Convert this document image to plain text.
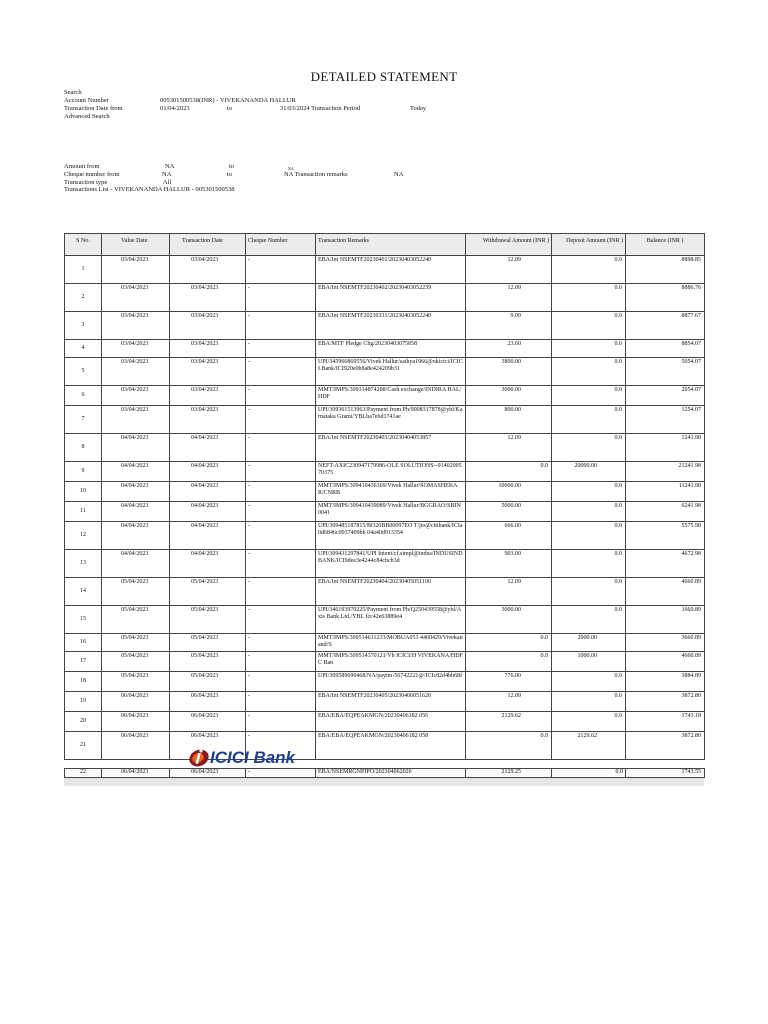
DETAILED STATEMENT
Search
Account Number	005301500538(INR) - VIVEKANANDA HALLUR
Transaction Date from	01/04/2023	to	31/03/2024 Transaction Period	Today
Advanced Search
Amount from	NA	to	NA
Cheque number from	NA	to	NA Transaction remarks	NA
Transaction type	All
Transactions List - VIVEKANANDA HALLUR - 005301500538
S No.	Value Date	Transaction Date	Cheque Number	Transaction Remarks	Withdrawal Amount (INR )	Deposit Amount (INR )	Balance (INR )
1	03/04/2023	03/04/2023	-	EBA/Int NSEMTF20230401/20230403052240	12.09	0.0	8898.85
2	03/04/2023	03/04/2023	-	EBA/Int NSEMTF20230402/20230403052239	12.09	0.0	8886.76
3	03/04/2023	03/04/2023	-	EBA/Int NSEMTF20230331/20230403052240	9.09	0.0	8877.67
4	03/04/2023	03/04/2023	-	EBA/MTF Pledge Chg/20230403075858	23.60	0.0	8854.07
5	03/04/2023	03/04/2023	-	UPI/345966869556/Vivek Hallur/sathya1966@okicici/ICICI Bank/ICI920e0b8a8e424209b31	3800.00	0.0	5054.07
6	03/04/2023	03/04/2023	-	MMT/IMPS/309314874288/Cash exchange/INDIRA HAL/HDF	3000.00	0.0	2054.07
7	03/04/2023	03/04/2023	-	UPI/309361513963/Payment from Ph/9008317878@ybl/Karnataka Grami/YBLba7e6d1741ae	800.00	0.0	1254.07
8	04/04/2023	04/04/2023	-	EBA/Int NSEMTF20230403/20230404053857	12.09	0.0	1241.98
9	04/04/2023	04/04/2023	-	NEFT-AXIC230947179986-OLE SOLUTIONS--9140200570375	0.0	20000.00	21241.98
10	04/04/2023	04/04/2023	-	MMT/IMPS/309410436369/Vivek Hallur/SOMASHEKAR/CNRB	10000.00	0.0	11241.98
11	04/04/2023	04/04/2023	-	MMT/IMPS/309410439089/Vivek Hallur/BGGRAO/SBIN0041	5000.00	0.0	6241.98
12	04/04/2023	04/04/2023	-	UPI/309485187815/BO20BB00097EO T/jio@citibank/ICIa0d6846c0937409bb 04a40d913354	666.00	0.0	5575.98
13	04/04/2023	04/04/2023	-	UPI/309431297841/UPI Intent/cf.simpl@indus/INDUSIND BANK/ICI9dee3e4244c84cbcb3d	903.00	0.0	4672.98
14	05/04/2023	05/04/2023	-	EBA/Int NSEMTF20230404/20230405051100	12.09	0.0	4660.89
15	05/04/2023	05/04/2023	-	UPI/346193970225/Payment from Ph/Q250439558@ybl/Axis Bank Ltd./YBL fcc42e63889e4	3000.00	0.0	1660.89
16	05/04/2023	05/04/2023	-	MMT/IMPS/309514611233/MOBUA053 4460429/Vivekanand/S	0.0	2000.00	3660.89
17	05/04/2023	05/04/2023	-	MMT/IMPS/309514370121/Vb ICICI/H VIVEKANA/HDFC Ban	0.0	1000.00	4660.89
18	05/04/2023	05/04/2023	-	UPI/309589696468/NA/paytm-56742221@/ICIc82d4bb68f	776.00	0.0	3884.89
19	06/04/2023	06/04/2023	-	EBA/Int NSEMTF20230405/20230406051620	12.09	0.0	3872.80
20	06/04/2023	06/04/2023	-	EBA/EBA/EQPEAKMGN/20230406182 056	2129.62	0.0	1743.18
21	06/04/2023	06/04/2023	-	EBA/EBA/EQPEAKMGN/20230406182 058	0.0	2129.62	3872.80
ICICI Bank
22	06/04/2023	06/04/2023	-	EBA/NSEMRGNPIPO/202304062026	2129.25	0.0	1743.55
